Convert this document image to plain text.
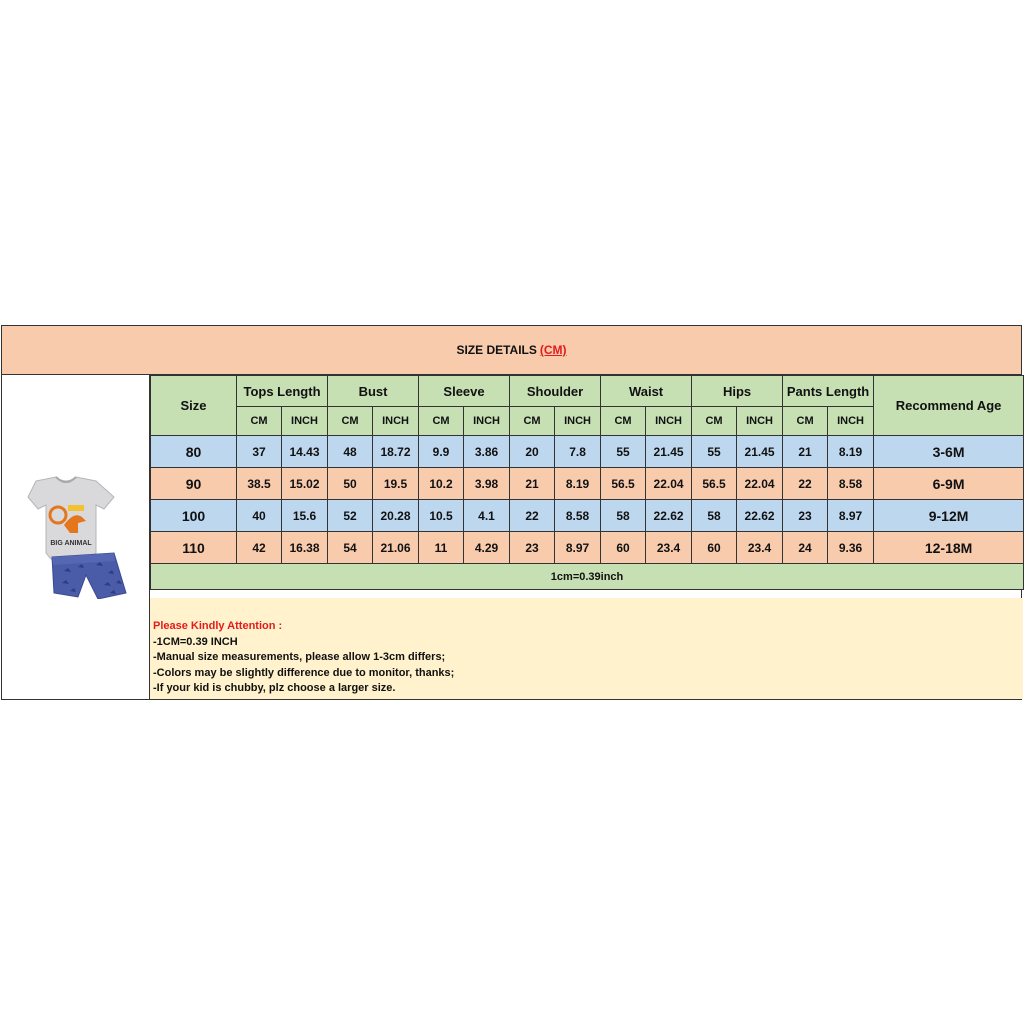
SIZE DETAILS (CM)
BIG ANIMAL
Size	Tops Length		Bust		Sleeve		Shoulder		Waist		Hips		Pants Length		Recommend Age
	CM	INCH	CM	INCH	CM	INCH	CM	INCH	CM	INCH	CM	INCH	CM	INCH	
80	37	14.43	48	18.72	9.9	3.86	20	7.8	55	21.45	55	21.45	21	8.19	3-6M
90	38.5	15.02	50	19.5	10.2	3.98	21	8.19	56.5	22.04	56.5	22.04	22	8.58	6-9M
100	40	15.6	52	20.28	10.5	4.1	22	8.58	58	22.62	58	22.62	23	8.97	9-12M
110	42	16.38	54	21.06	11	4.29	23	8.97	60	23.4	60	23.4	24	9.36	12-18M
1cm=0.39inch															
Please Kindly Attention :
-1CM=0.39 INCH
-Manual size measurements, please allow 1-3cm differs;
-Colors may be slightly difference due to monitor, thanks;
-If your kid is chubby, plz choose a larger size.
